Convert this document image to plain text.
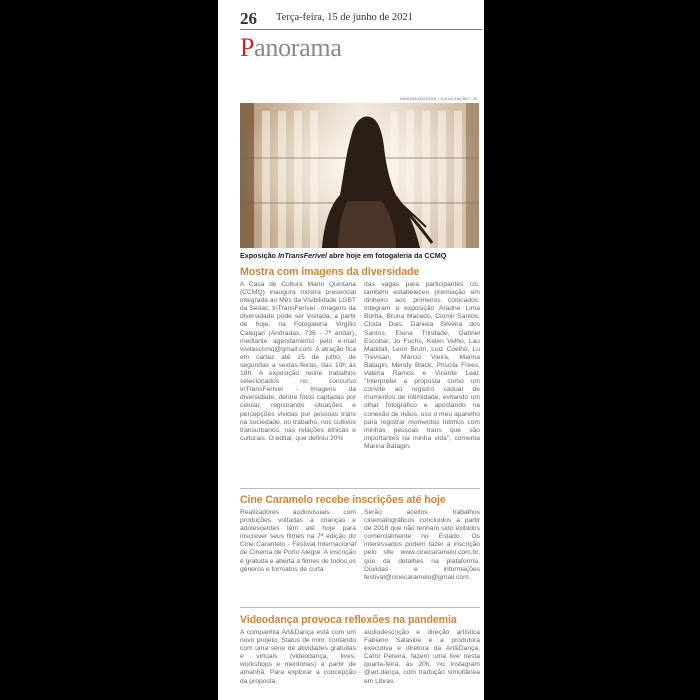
26 Terça-feira, 15 de junho de 2021
Panorama
MARINA BATAGIN / DIVULGAÇÃO / JC
Exposição InTransFerível abre hoje em fotogaleria da CCMQ
Mostra com imagens da diversidade
A Casa de Cultura Mario Quintana (CCMQ) inaugura mostra presencial integrada ao Mês da Visibilidade LGBT da Sedac. InTransFerível - Imagens da diversidade pode ser visitada, a partir de hoje, na Fotogaleria Virgílio Calegari (Andradas, 736 - 7º andar), mediante agendamento pelo e-mail visitasccmq@gmail.com. A atração fica em cartaz até 15 de julho, de segundas a sextas-feiras, das 10h às 18h. A exposição reúne trabalhos selecionados no concurso InTransFerível - Imagens da diversidade, dentre fotos captadas por celular, registrando situações e percepções vividas por pessoas trans na sociedade, no trabalho, nos cultivos transurbanos, nas relações étnicas e culturais. O edital, que definiu 20%
das vagas para participantes cis, também estabeleceu premiação em dinheiro aos primeiros colocados. Integram a exposição Aradne Lima Borba, Bruna Macedo, Ciomir Santos, Cloda Dias, Daniela Silveira dos Santos, Elena Trindade, Gabriel Escobar, Jo Fuchs, Kelen Velho, Lau Maddali, Leon Brum, Luiz Coelho, Lu Trevisan, Márcio Vieira, Marina Batagin, Mendy Black, Priscila Frees, Valéria Ramos e Vicente Leal. "Interpretei a proposta como um convite ao registro casual de momentos de intimidade, evitando um olhar fotográfico e apostando na conexão de mãos, uso o meu aparelho para registrar momentos íntimos com minhas pessoas trans que são importantes na minha vida", comenta Marina Batagin.
Cine Caramelo recebe inscrições até hoje
Realizadores audiovisuais com produções voltadas a crianças e adolescentes têm até hoje para inscrever seus filmes na 7ª edição do Cine Caramelo - Festival Internacional de Cinema de Porto Alegre. A inscrição é gratuita e aberta a filmes de todos os gêneros e formatos de curta
Serão aceitos trabalhos cinematográficos concluídos a partir de 2018 que não tenham sido exibidos comercialmente no Estado. Os interessados podem fazer a inscrição pelo site www.cinecaramelo.com.br, que dá detalhes na plataforma. Dúvidas e informações festival@cinecaramelo@gmail.com.
Videodança provoca reflexões na pandemia
A companhia Art&Dança está com um novo projeto, Status de mim, contando com uma série de atividades gratuitas e virtuais (videodança, lives, workshops e mentorias) a partir de amanhã. Para explorar a concepção da proposta,
audiodescrição e direção artística Fabiano Salaskie e a produtora executiva e diretora da Art&Dança, Carol Pereira, fazem uma live nesta quarta-feira, às 20h, no Instagram @art.dança, com tradução simultânea em Libras.
